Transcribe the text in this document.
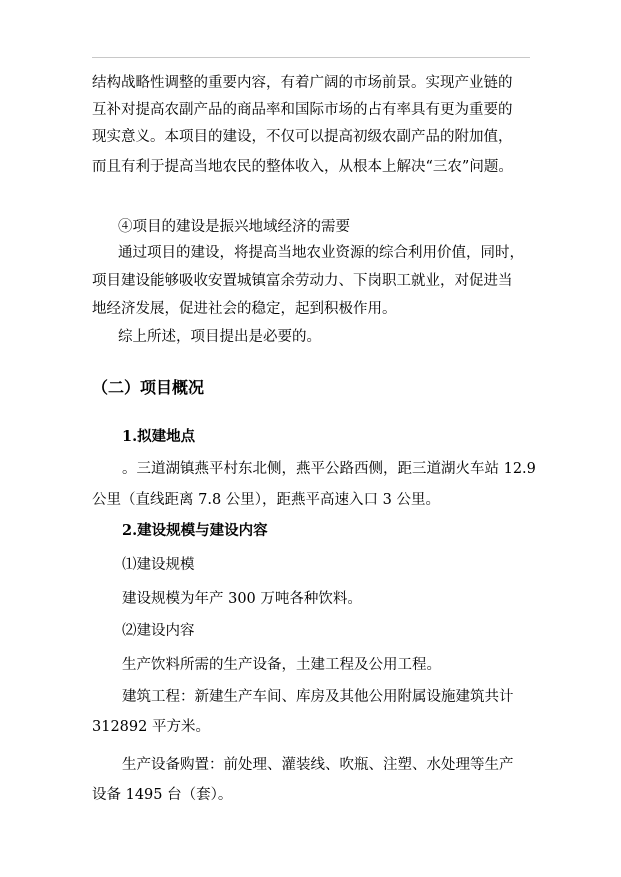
结构战略性调整的重要内容，有着广阔的市场前景。实现产业链的
互补对提高农副产品的商品率和国际市场的占有率具有更为重要的
现实意义。本项目的建设，不仅可以提高初级农副产品的附加值，
而且有利于提高当地农民的整体收入，从根本上解决“三农”问题。
④项目的建设是振兴地域经济的需要
通过项目的建设，将提高当地农业资源的综合利用价值，同时，
项目建设能够吸收安置城镇富余劳动力、下岗职工就业，对促进当
地经济发展，促进社会的稳定，起到积极作用。
综上所述，项目提出是必要的。
（二）项目概况
1.拟建地点
。三道湖镇燕平村东北侧，燕平公路西侧，距三道湖火车站 12.9
公里（直线距离 7.8 公里），距燕平高速入口 3 公里。
2.建设规模与建设内容
⑴建设规模
建设规模为年产 300 万吨各种饮料。
⑵建设内容
生产饮料所需的生产设备，土建工程及公用工程。
建筑工程：新建生产车间、库房及其他公用附属设施建筑共计
312892 平方米。
生产设备购置：前处理、灌装线、吹瓶、注塑、水处理等生产
设备 1495 台（套）。
